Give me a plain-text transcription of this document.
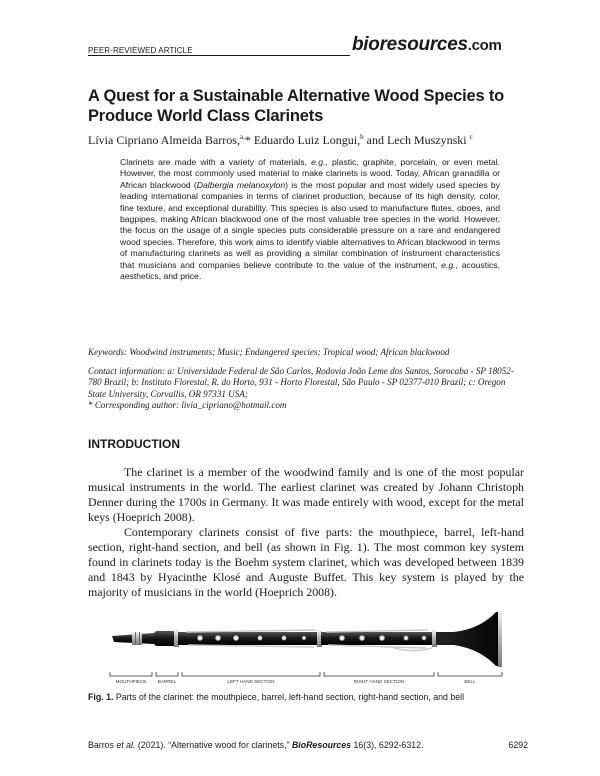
PEER-REVIEWED ARTICLE	bioresources.com
A Quest for a Sustainable Alternative Wood Species to Produce World Class Clarinets
Lívia Cipriano Almeida Barros,$^{a,}$* Eduardo Luiz Longui,$^b$ and Lech Muszynski $^c$
Clarinets are made with a variety of materials, e.g., plastic, graphite, porcelain, or even metal. However, the most commonly used material to make clarinets is wood. Today, African granadilla or African blackwood (Dalbergia melanoxylon) is the most popular and most widely used species by leading international companies in terms of clarinet production, because of its high density, color, fine texture, and exceptional durability. This species is also used to manufacture flutes, oboes, and bagpipes, making African blackwood one of the most valuable tree species in the world. However, the focus on the usage of a single species puts considerable pressure on a rare and endangered wood species. Therefore, this work aims to identify viable alternatives to African blackwood in terms of manufacturing clarinets as well as providing a similar combination of instrument characteristics that musicians and companies believe contribute to the value of the instrument, e.g., acoustics, aesthetics, and price.
Keywords: Woodwind instruments; Music; Endangered species; Tropical wood; African blackwood
Contact information: a: Universidade Federal de São Carlos, Rodovia João Leme dos Santos, Sorocaba - SP 18052-780 Brazil; b: Instituto Florestal, R. do Horto, 931 - Horto Florestal, São Paulo - SP 02377-010 Brazil; c: Oregon State University, Corvallis, OR 97331 USA;
* Corresponding author: livia_cipriano@hotmail.com
INTRODUCTION
The clarinet is a member of the woodwind family and is one of the most popular musical instruments in the world. The earliest clarinet was created by Johann Christoph Denner during the 1700s in Germany. It was made entirely with wood, except for the metal keys (Hoeprich 2008).
Contemporary clarinets consist of five parts: the mouthpiece, barrel, left-hand section, right-hand section, and bell (as shown in Fig. 1). The most common key system found in clarinets today is the Boehm system clarinet, which was developed between 1839 and 1843 by Hyacinthe Klosé and Auguste Buffet. This key system is played by the majority of musicians in the world (Hoeprich 2008).
MOUTHPIECE BARREL	LEFT HAND SECTION	RIGHT HAND SECTION	BELL
Fig. 1. Parts of the clarinet: the mouthpiece, barrel, left-hand section, right-hand section, and bell
Barros et al. (2021). “Alternative wood for clarinets,” BioResources 16(3), 6292-6312.	6292
